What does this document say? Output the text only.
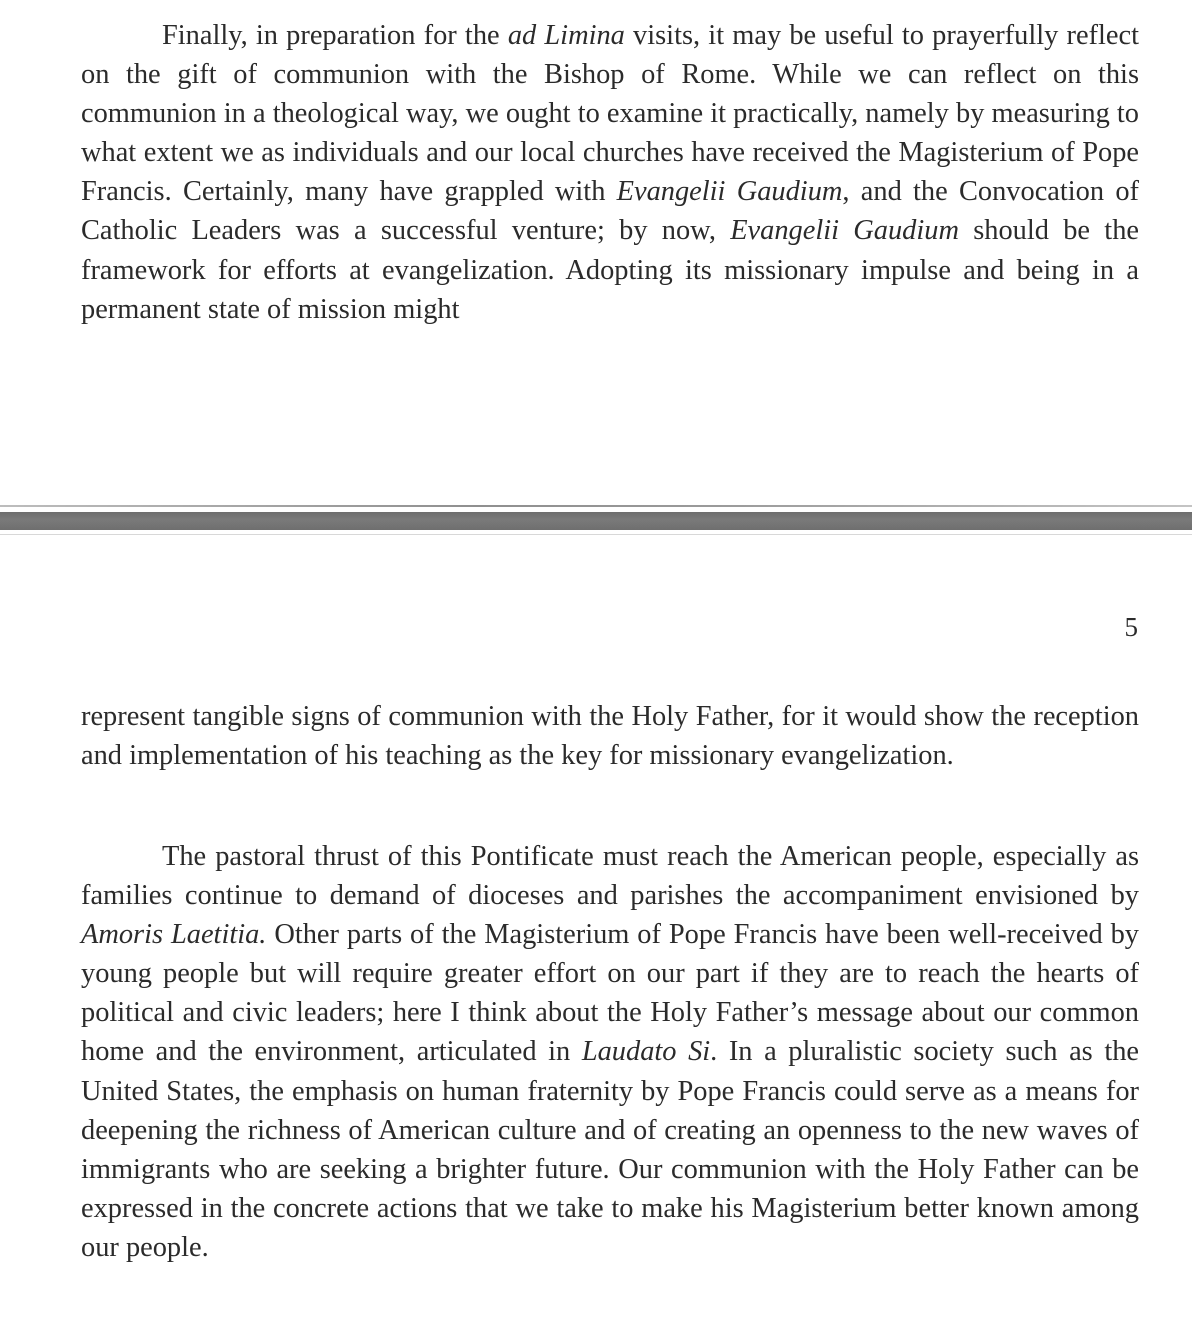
Finally, in preparation for the ad Limina visits, it may be useful to prayerfully reflect on the gift of communion with the Bishop of Rome. While we can reflect on this communion in a theological way, we ought to examine it practically, namely by measuring to what extent we as individuals and our local churches have received the Magisterium of Pope Francis. Certainly, many have grappled with Evangelii Gaudium, and the Convocation of Catholic Leaders was a successful venture; by now, Evangelii Gaudium should be the framework for efforts at evangelization. Adopting its missionary impulse and being in a permanent state of mission might

5

represent tangible signs of communion with the Holy Father, for it would show the reception and implementation of his teaching as the key for missionary evangelization.

The pastoral thrust of this Pontificate must reach the American people, especially as families continue to demand of dioceses and parishes the accompaniment envisioned by Amoris Laetitia. Other parts of the Magisterium of Pope Francis have been well-received by young people but will require greater effort on our part if they are to reach the hearts of political and civic leaders; here I think about the Holy Father’s message about our common home and the environment, articulated in Laudato Si. In a pluralistic society such as the United States, the emphasis on human fraternity by Pope Francis could serve as a means for deepening the richness of American culture and of creating an openness to the new waves of immigrants who are seeking a brighter future. Our communion with the Holy Father can be expressed in the concrete actions that we take to make his Magisterium better known among our people.
